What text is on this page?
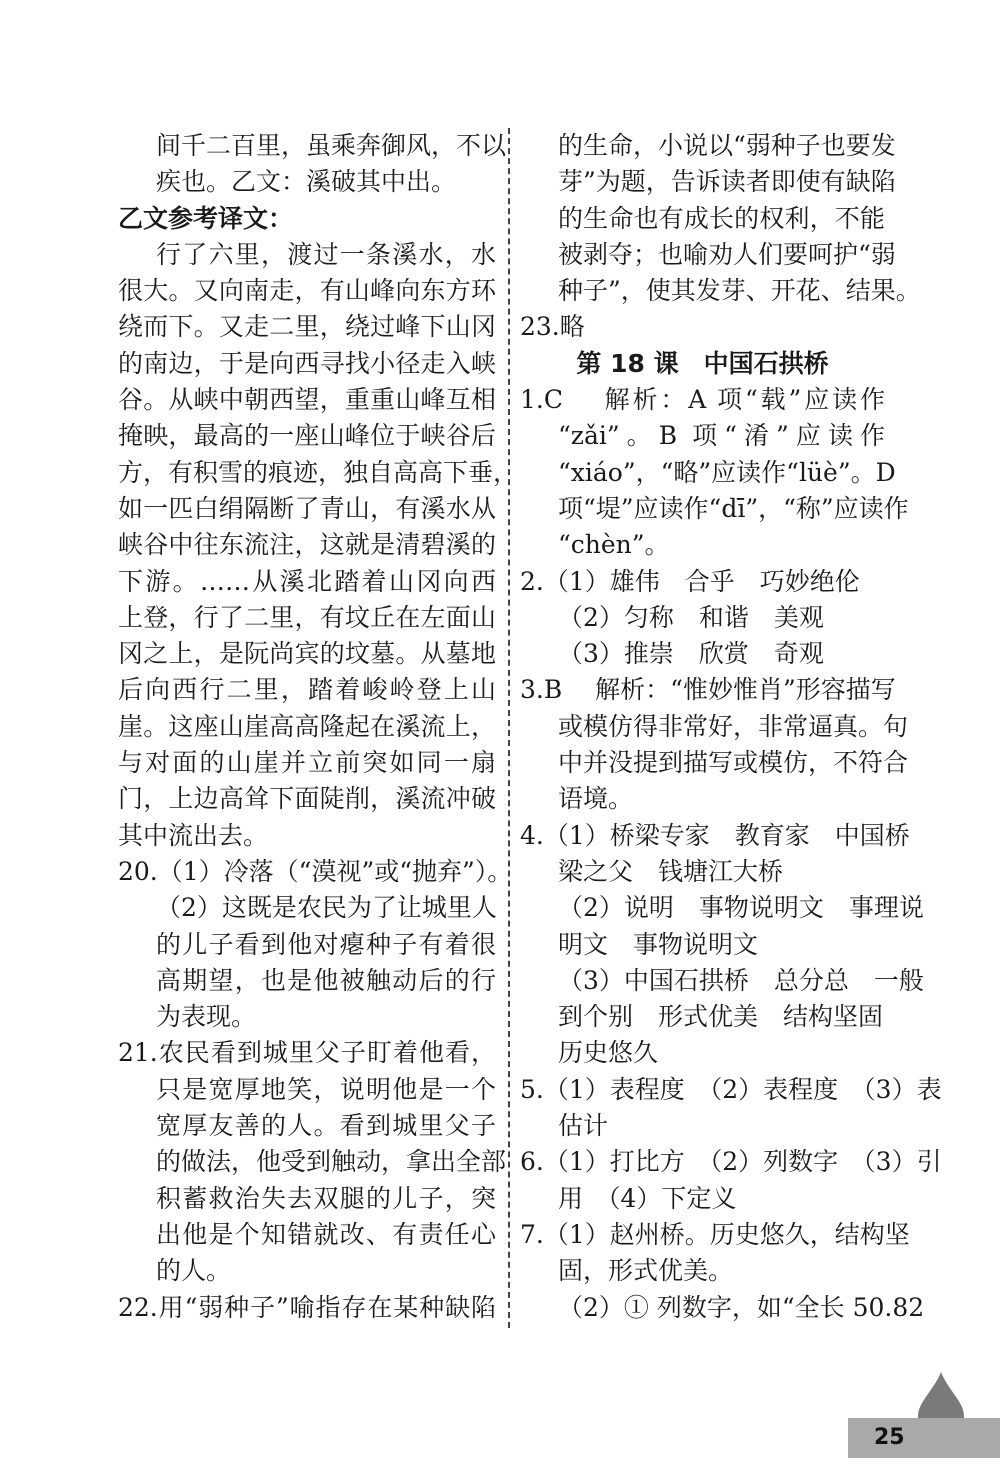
间千二百里，虽乘奔御风，不以
疾也。乙文：溪破其中出。
乙文参考译文：
行了六里，渡过一条溪水，水
很大。又向南走，有山峰向东方环
绕而下。又走二里，绕过峰下山冈
的南边，于是向西寻找小径走入峡
谷。从峡中朝西望，重重山峰互相
掩映，最高的一座山峰位于峡谷后
方，有积雪的痕迹，独自高高下垂，
如一匹白绢隔断了青山，有溪水从
峡谷中往东流注，这就是清碧溪的
下游。……从溪北踏着山冈向西
上登，行了二里，有坟丘在左面山
冈之上，是阮尚宾的坟墓。从墓地
后向西行二里，踏着峻岭登上山
崖。这座山崖高高隆起在溪流上，
与对面的山崖并立前突如同一扇
门，上边高耸下面陡削，溪流冲破
其中流出去。
20.（1）冷落（“漠视”或“抛弃”）。
（2）这既是农民为了让城里人
的儿子看到他对瘪种子有着很
高期望，也是他被触动后的行
为表现。
21.农民看到城里父子盯着他看，
只是宽厚地笑，说明他是一个
宽厚友善的人。看到城里父子
的做法，他受到触动，拿出全部
积蓄救治失去双腿的儿子，突
出他是个知错就改、有责任心
的人。
22.用“弱种子”喻指存在某种缺陷
的生命，小说以“弱种子也要发
芽”为题，告诉读者即使有缺陷
的生命也有成长的权利，不能
被剥夺；也喻劝人们要呵护“弱
种子”，使其发芽、开花、结果。
23.略
第 18 课　中国石拱桥
1.C　 解析：A 项“载”应读作
“zǎi”。B 项“淆”应读作
“xiáo”，“略”应读作“lüè”。D
项“堤”应读作“dī”，“称”应读作
“chèn”。
2.（1）雄伟　合乎　巧妙绝伦
（2）匀称　和谐　美观
（3）推崇　欣赏　奇观
3.B　 解析：“惟妙惟肖”形容描写
或模仿得非常好，非常逼真。句
中并没提到描写或模仿，不符合
语境。
4.（1）桥梁专家　教育家　中国桥
梁之父　钱塘江大桥
（2）说明　事物说明文　事理说
明文　事物说明文
（3）中国石拱桥　总分总　一般
到个别　形式优美　结构坚固
历史悠久
5.（1）表程度　（2）表程度　（3）表
估计
6.（1）打比方　（2）列数字　（3）引
用　（4）下定义
7.（1）赵州桥。历史悠久，结构坚
固，形式优美。
（2）① 列数字，如“全长 50.82
25
